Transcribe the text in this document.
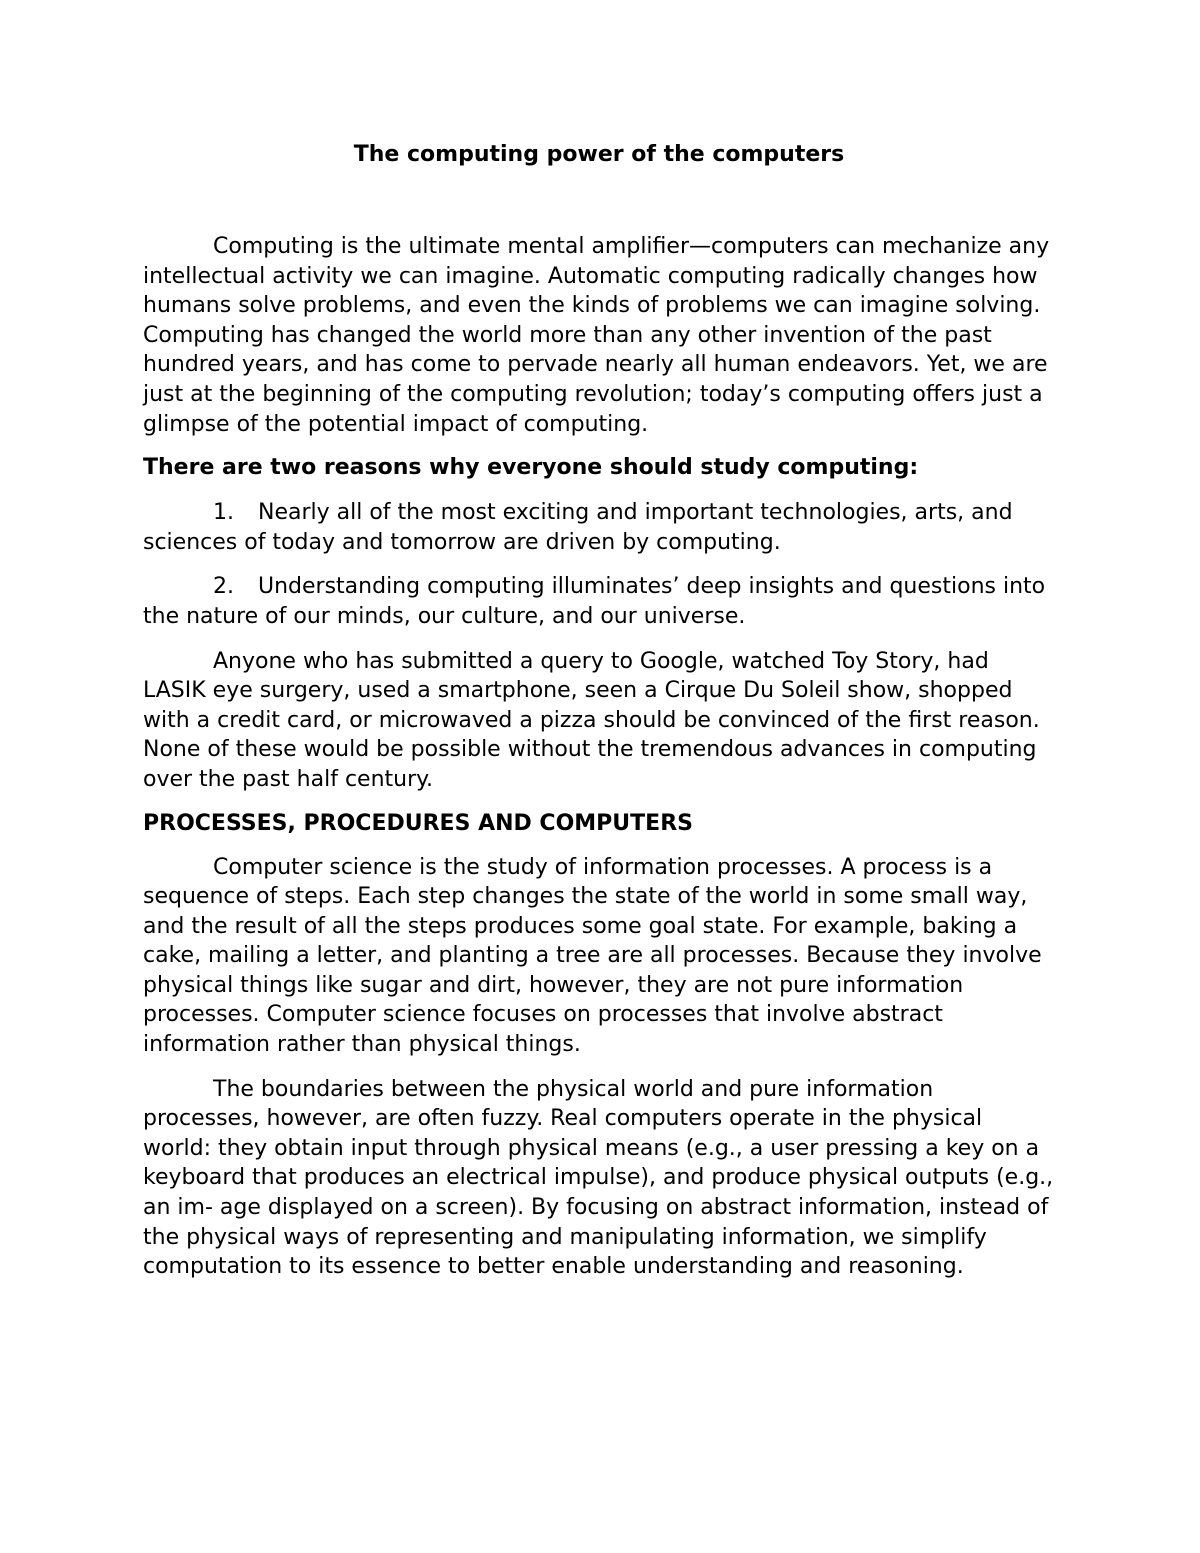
The computing power of the computers

Computing is the ultimate mental amplifier—computers can mechanize any intellectual activity we can imagine. Automatic computing radically changes how humans solve problems, and even the kinds of problems we can imagine solving. Computing has changed the world more than any other invention of the past hundred years, and has come to pervade nearly all human endeavors. Yet, we are just at the beginning of the computing revolution; today’s computing offers just a glimpse of the potential impact of computing.

There are two reasons why everyone should study computing:
1. Nearly all of the most exciting and important technologies, arts, and sciences of today and tomorrow are driven by computing.
2. Understanding computing illuminates’ deep insights and questions into the nature of our minds, our culture, and our universe.

Anyone who has submitted a query to Google, watched Toy Story, had LASIK eye surgery, used a smartphone, seen a Cirque Du Soleil show, shopped with a credit card, or microwaved a pizza should be convinced of the first reason. None of these would be possible without the tremendous advances in computing over the past half century.

PROCESSES, PROCEDURES AND COMPUTERS

Computer science is the study of information processes. A process is a sequence of steps. Each step changes the state of the world in some small way, and the result of all the steps produces some goal state. For example, baking a cake, mailing a letter, and planting a tree are all processes. Because they involve physical things like sugar and dirt, however, they are not pure information processes. Computer science focuses on processes that involve abstract information rather than physical things.

The boundaries between the physical world and pure information processes, however, are often fuzzy. Real computers operate in the physical world: they obtain input through physical means (e.g., a user pressing a key on a keyboard that produces an electrical impulse), and produce physical outputs (e.g., an im- age displayed on a screen). By focusing on abstract information, instead of the physical ways of representing and manipulating information, we simplify computation to its essence to better enable understanding and reasoning.
